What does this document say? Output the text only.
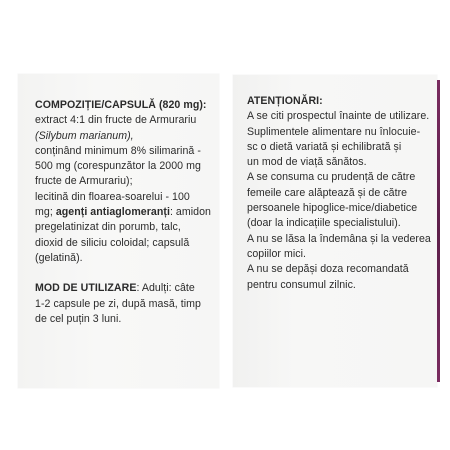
COMPOZIȚIE/CAPSULĂ (820 mg):
extract 4:1 din fructe de Armurariu
(Silybum marianum),
conținând minimum 8% silimarină -
500 mg (corespunzător la 2000 mg
fructe de Armurariu);
lecitină din floarea-soarelui - 100
mg; agenți antiaglomeranți: amidon
pregelatinizat din porumb, talc,
dioxid de siliciu coloidal; capsulă
(gelatină).
MOD DE UTILIZARE: Adulți: câte
1-2 capsule pe zi, după masă, timp
de cel puțin 3 luni.
ATENȚIONĂRI:
A se citi prospectul înainte de utilizare.
Suplimentele alimentare nu înlocuie-
sc o dietă variată și echilibrată și
un mod de viață sănătos.
A se consuma cu prudență de către
femeile care alăptează și de către
persoanele hipoglice-mice/diabetice
(doar la indicațiile specialistului).
A nu se lăsa la îndemâna și la vederea
copiilor mici.
A nu se depăși doza recomandată
pentru consumul zilnic.
